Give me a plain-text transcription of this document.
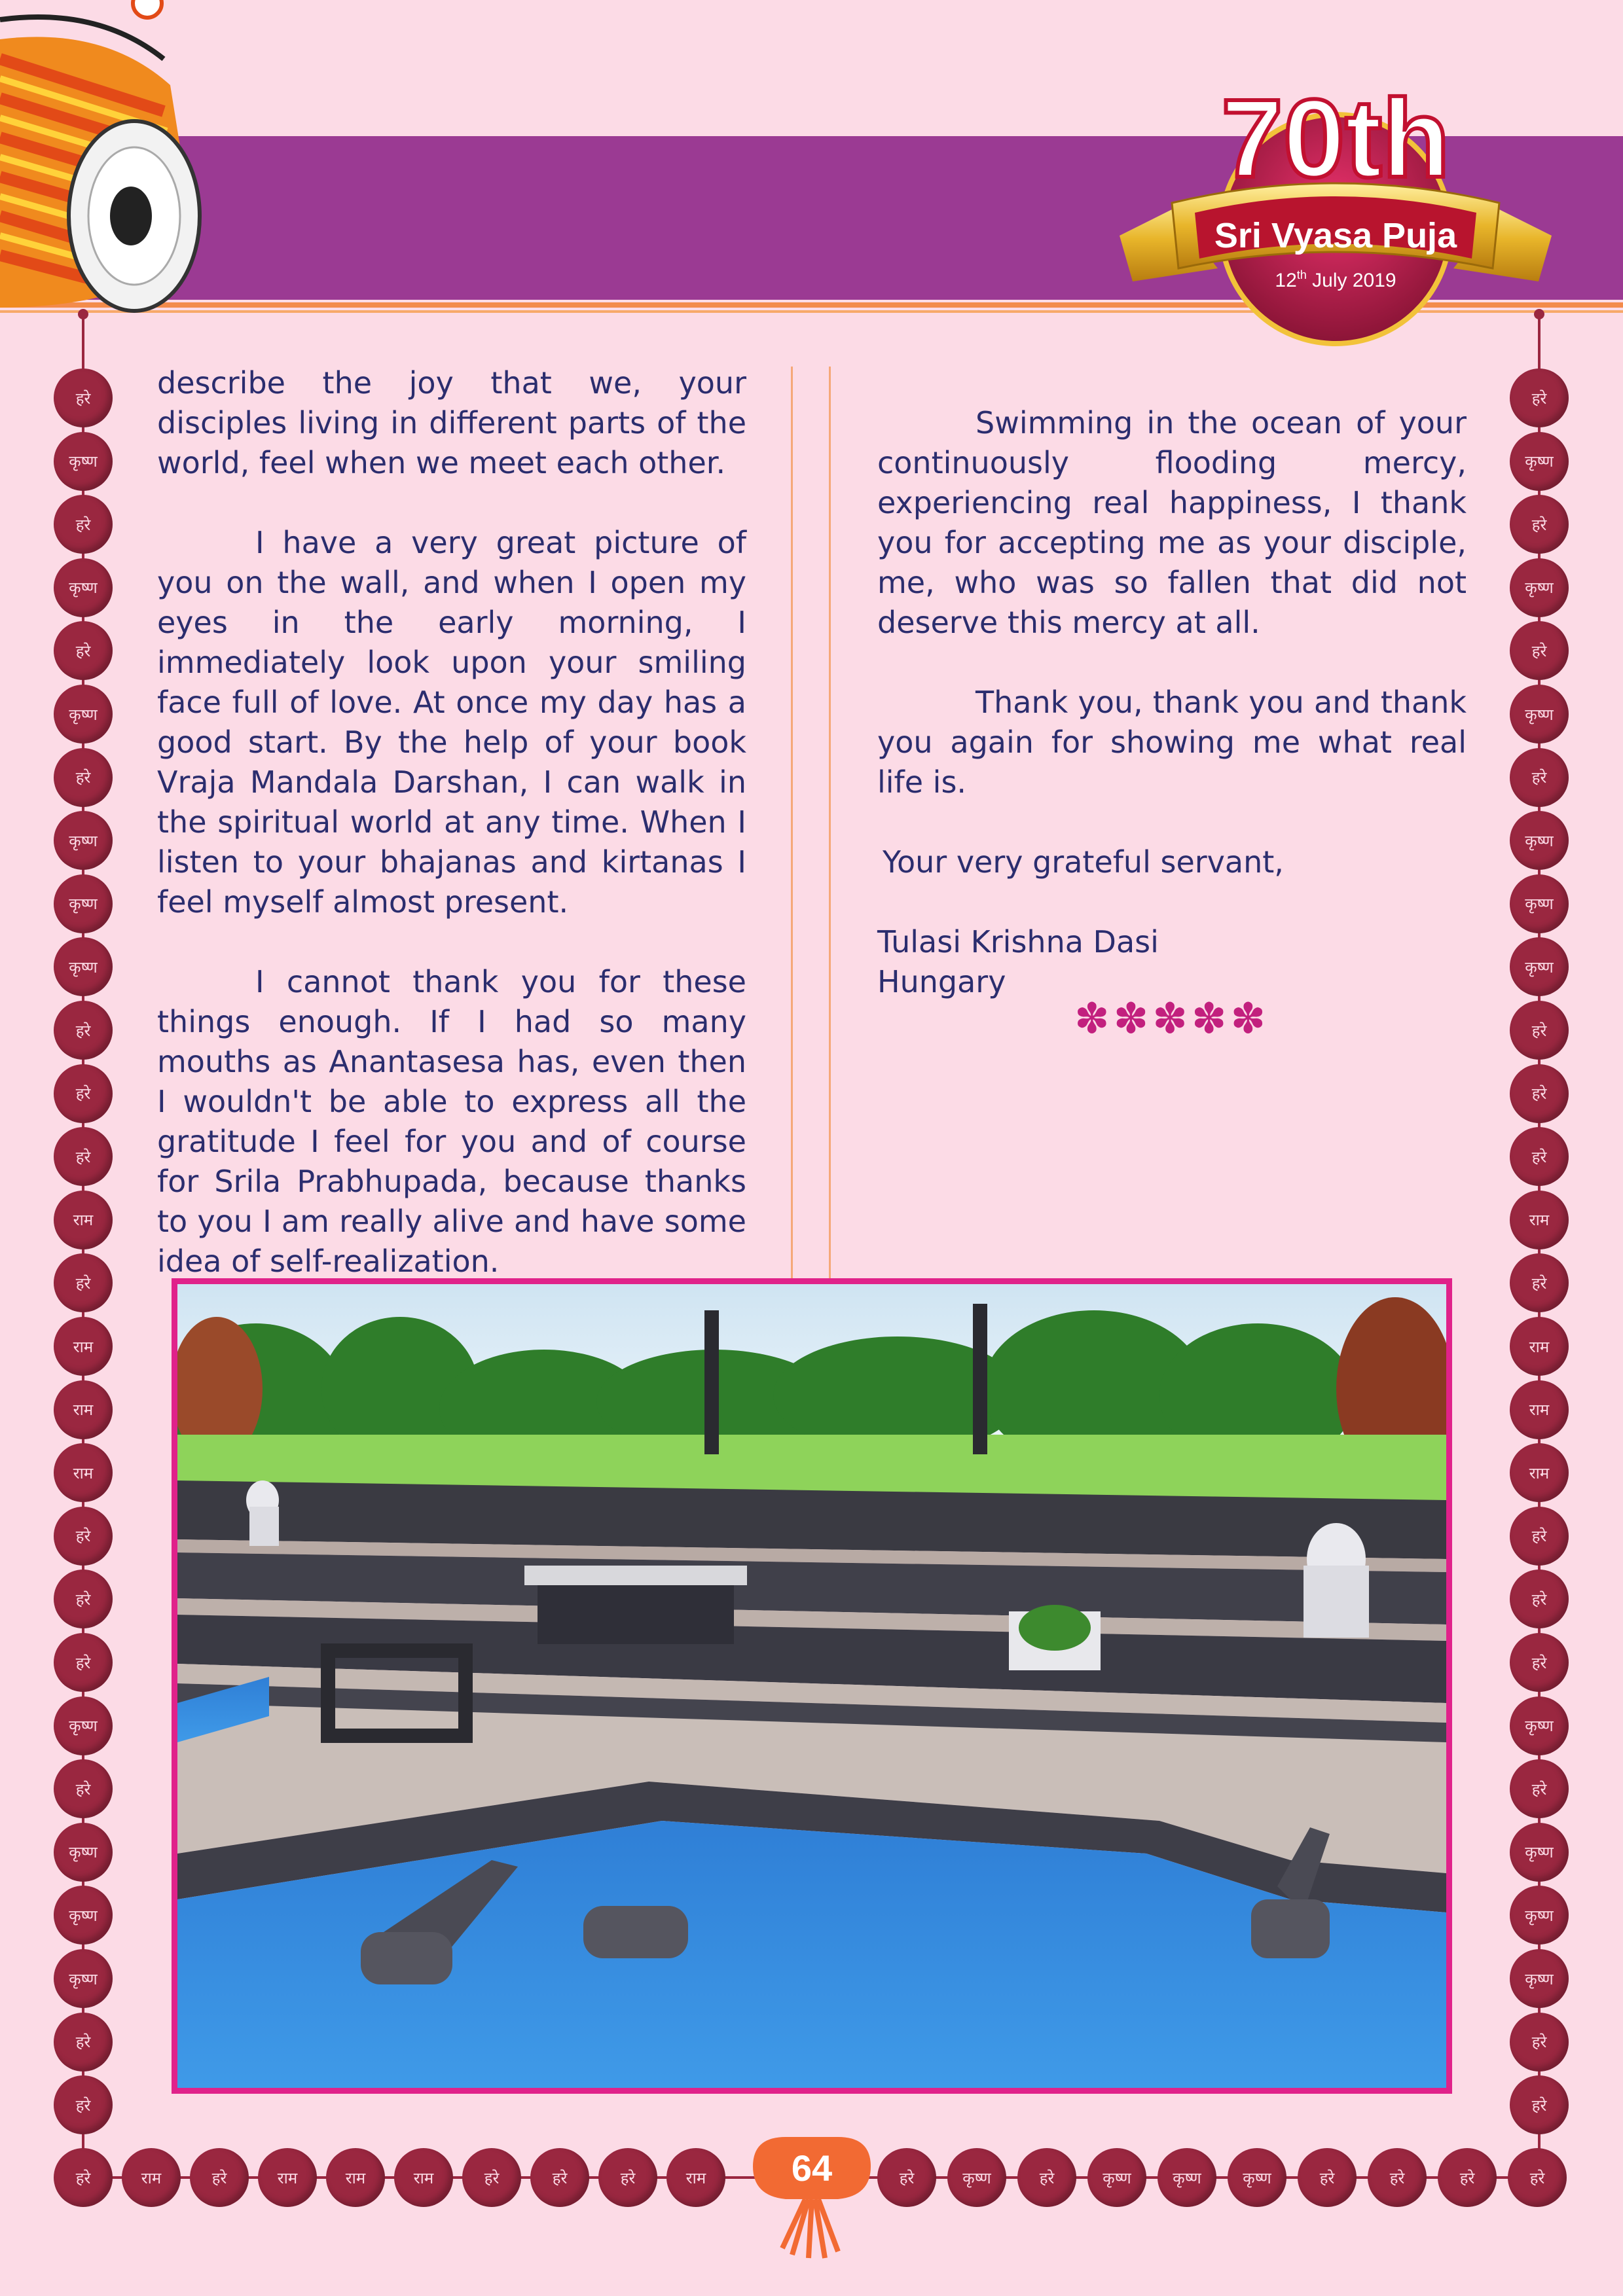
70th
Sri Vyasa Puja
12th July 2019
हरे
कृष्ण
हरे
कृष्ण
हरे
कृष्ण
हरे
कृष्ण
कृष्ण
कृष्ण
हरे
हरे
हरे
राम
हरे
राम
राम
राम
हरे
हरे
हरे
कृष्ण
हरे
कृष्ण
कृष्ण
कृष्ण
हरे
हरे
हरे
कृष्ण
हरे
कृष्ण
हरे
कृष्ण
हरे
कृष्ण
कृष्ण
कृष्ण
हरे
हरे
हरे
राम
हरे
राम
राम
राम
हरे
हरे
हरे
कृष्ण
हरे
कृष्ण
कृष्ण
कृष्ण
हरे
हरे
हरे	राम	हरे	राम	राम	राम	हरे	हरे	हरे	राम	हरे	कृष्ण	हरे	कृष्ण	कृष्ण	कृष्ण	हरे	हरे	हरे	हरे
64

describe the joy that we, your disciples living in different parts of the world, feel when we meet each other.

I have a very great picture of you on the wall, and when I open my eyes in the early morning, I immediately look upon your smiling face full of love. At once my day has a good start. By the help of your book Vraja Mandala Darshan, I can walk in the spiritual world at any time. When I listen to your bhajanas and kirtanas I feel myself almost present.

I cannot thank you for these things enough. If I had so many mouths as Anantasesa has, even then I wouldn't be able to express all the gratitude I feel for you and of course for Srila Prabhupada, because thanks to you I am really alive and have some idea of self-realization.

Swimming in the ocean of your continuously flooding mercy, experiencing real happiness, I thank you for accepting me as your disciple, me, who was so fallen that did not deserve this mercy at all.

Thank you, thank you and thank you again for showing me what real life is.

Your very grateful servant,

Tulasi Krishna Dasi

Hungary

✽✽✽✽✽
